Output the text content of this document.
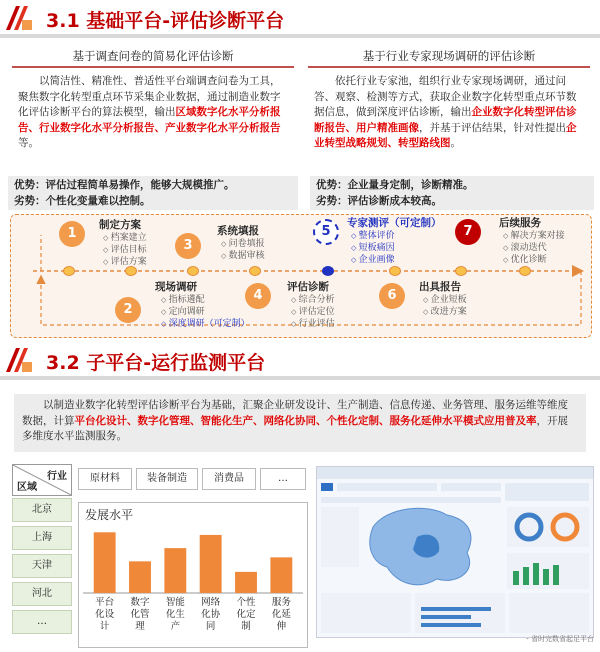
3.1 基础平台-评估诊断平台
基于调查问卷的简易化评估诊断
以简洁性、精准性、普适性平台端调查问卷为工具，聚焦数字化转型重点环节采集企业数据，通过制造业数字化评估诊断平台的算法模型，输出区域数字化水平分析报告、行业数字化水平分析报告、产业数字化水平分析报告等。
优势：评估过程简单易操作，能够大规模推广。
劣势：个性化变量难以控制。
基于行业专家现场调研的评估诊断
依托行业专家池，组织行业专家现场调研，通过问答、观察、检测等方式，获取企业数字化转型重点环节数据信息，做到深度评估诊断，输出企业数字化转型评估诊断报告、用户精准画像，并基于评估结果，针对性提出企业转型战略规划、转型路线图。
优势：企业量身定制，诊断精准。
劣势：评估诊断成本较高。
1
制定方案
◇ 档案建立
◇ 评估目标
◇ 评估方案
3
系统填报
◇ 问卷填报
◇ 数据审核
5
专家测评（可定制）
◇ 整体评价
◇ 短板痛因
◇ 企业画像
7
后续服务
◇ 解决方案对接
◇ 滚动迭代
◇ 优化诊断
2
现场调研
◇ 指标遴配
◇ 定向调研
◇ 深度调研（可定制）
4
评估诊断
◇ 综合分析
◇ 评估定位
◇ 行业评估
6
出具报告
◇ 企业短板
◇ 改进方案
3.2 子平台-运行监测平台
以制造业数字化转型评估诊断平台为基础，汇聚企业研发设计、生产制造、信息传递、业务管理、服务运维等维度数据，计算平台化设计、数字化管理、智能化生产、网络化协同、个性化定制、服务化延伸水平模式应用普及率，开展多维度水平监测服务。
行业
区域
原材料	装备制造	消费品	…
北京
上海
天津
河北
…
发展水平
平台化设计
数字化管理
智能化生产
网络化协同
个性化定制
服务化延伸
- 省时完数省起足平台
